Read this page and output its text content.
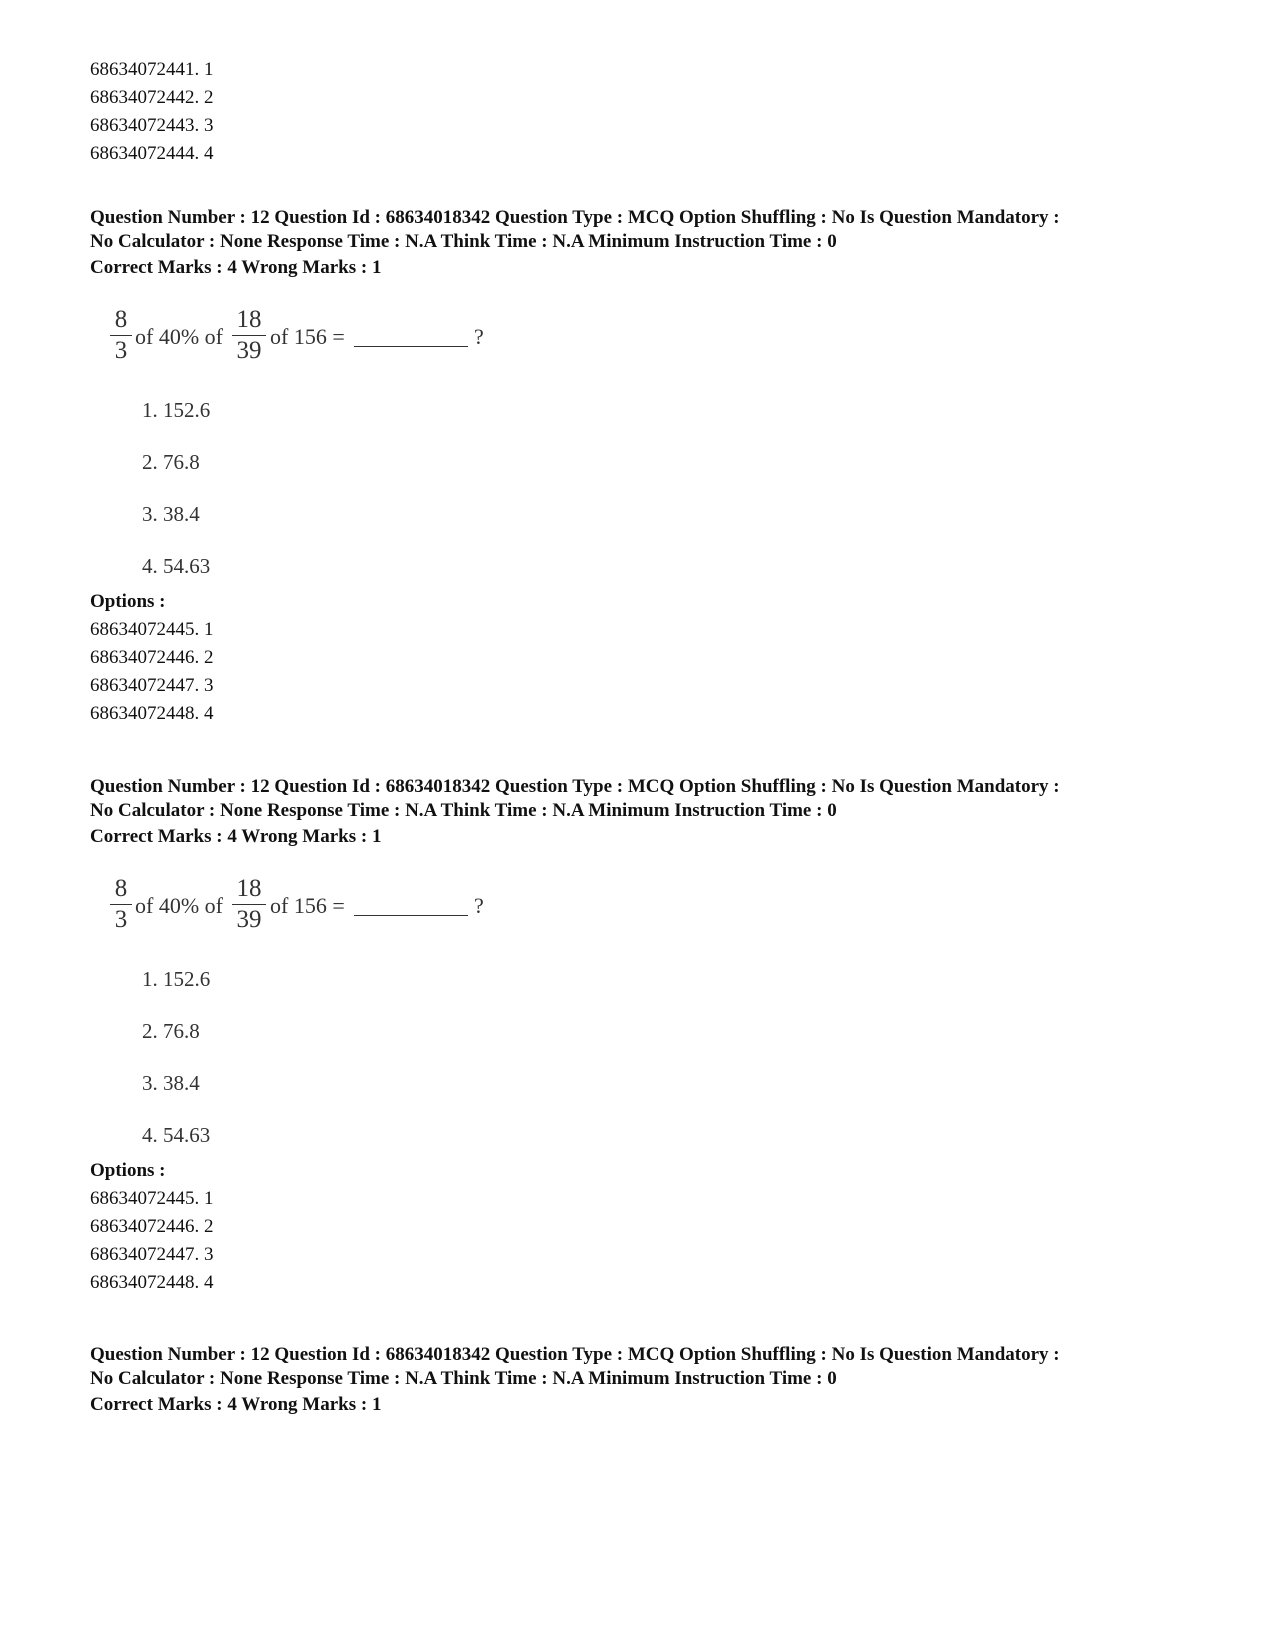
68634072441. 1
68634072442. 2
68634072443. 3
68634072444. 4
Question Number : 12 Question Id : 68634018342 Question Type : MCQ Option Shuffling : No Is Question Mandatory :
No Calculator : None Response Time : N.A Think Time : N.A Minimum Instruction Time : 0
Correct Marks : 4 Wrong Marks : 1
8
3
of 40% of
18
39
of 156 =	?
1. 152.6
2. 76.8
3. 38.4
4. 54.63
Options :
68634072445. 1
68634072446. 2
68634072447. 3
68634072448. 4
Question Number : 12 Question Id : 68634018342 Question Type : MCQ Option Shuffling : No Is Question Mandatory :
No Calculator : None Response Time : N.A Think Time : N.A Minimum Instruction Time : 0
Correct Marks : 4 Wrong Marks : 1
8
3
of 40% of
18
39
of 156 =	?
1. 152.6
2. 76.8
3. 38.4
4. 54.63
Options :
68634072445. 1
68634072446. 2
68634072447. 3
68634072448. 4
Question Number : 12 Question Id : 68634018342 Question Type : MCQ Option Shuffling : No Is Question Mandatory :
No Calculator : None Response Time : N.A Think Time : N.A Minimum Instruction Time : 0
Correct Marks : 4 Wrong Marks : 1
